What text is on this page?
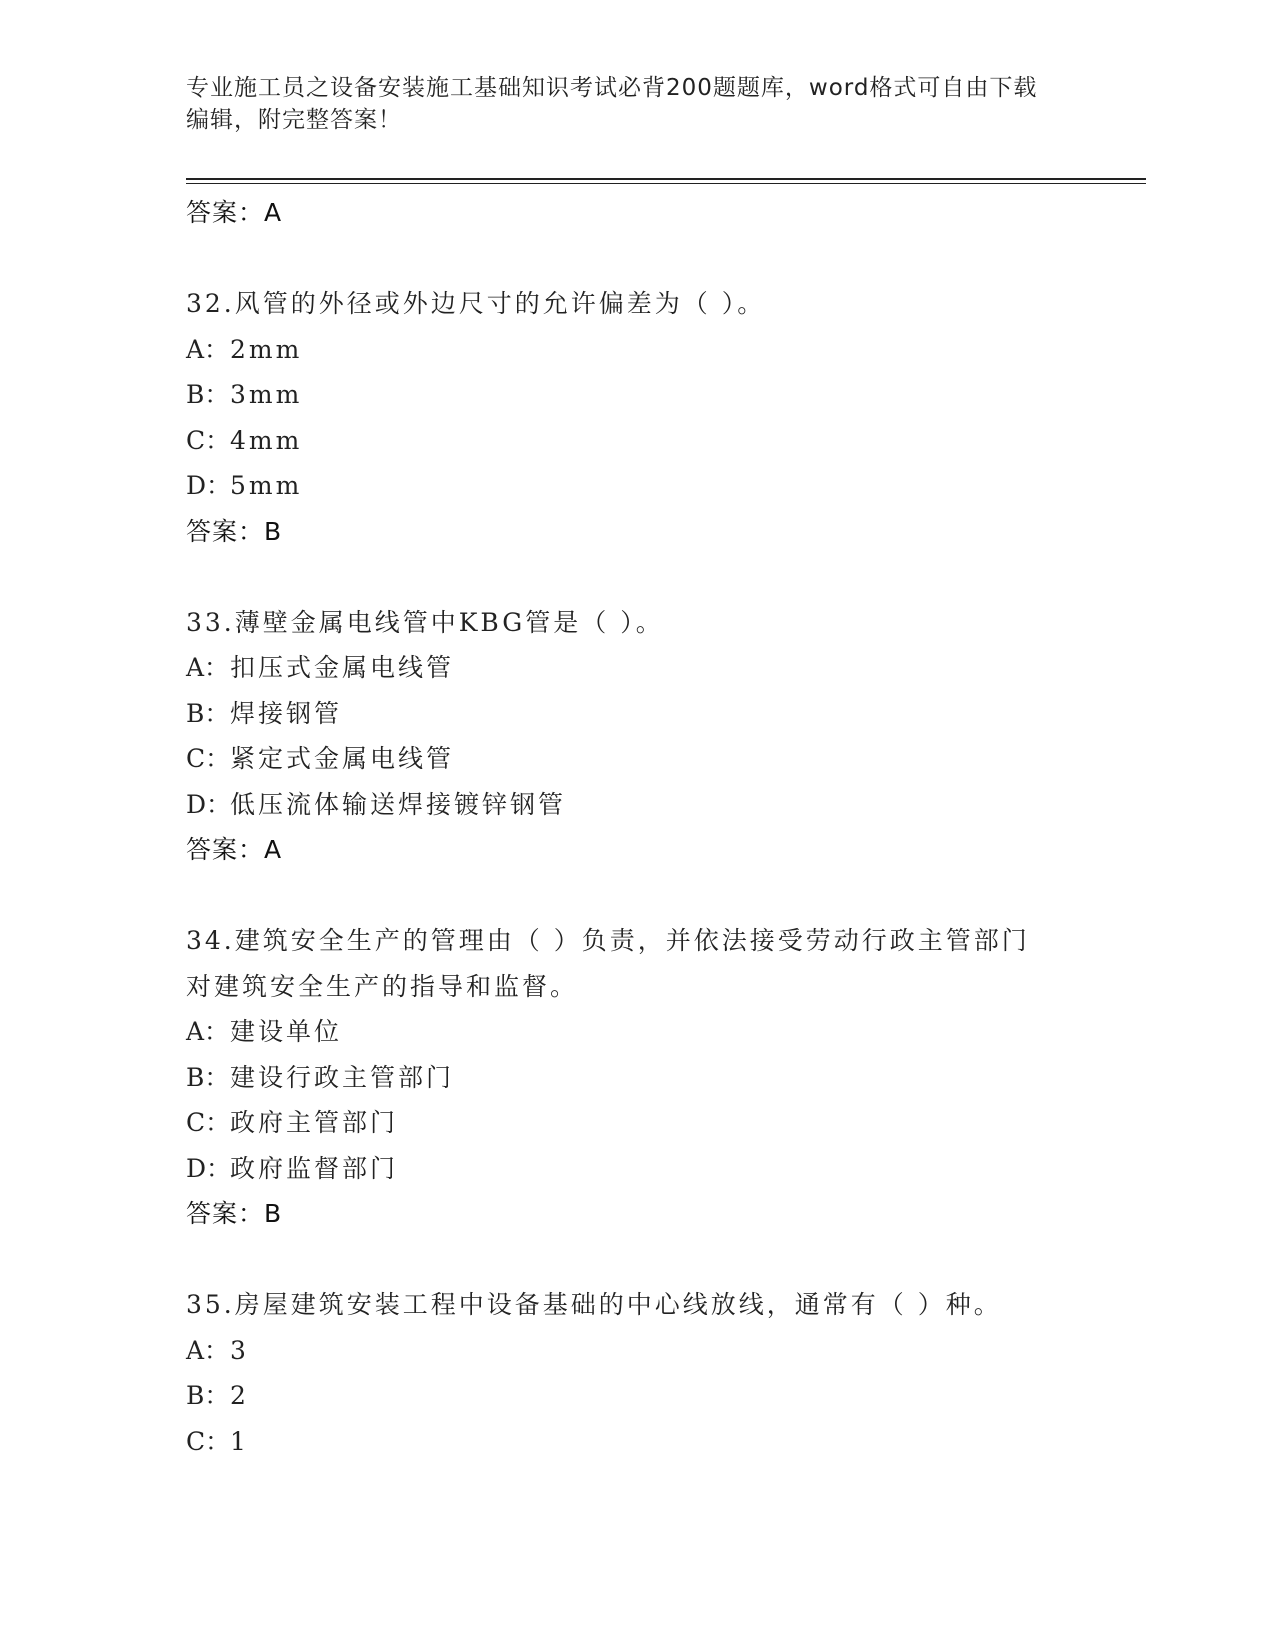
专业施工员之设备安装施工基础知识考试必背200题题库，word格式可自由下载
编辑，附完整答案！
答案：A
32.风管的外径或外边尺寸的允许偏差为（ ）。
A：2mm
B：3mm
C：4mm
D：5mm
答案：B
33.薄壁金属电线管中KBG管是（ ）。
A：扣压式金属电线管
B：焊接钢管
C：紧定式金属电线管
D：低压流体输送焊接镀锌钢管
答案：A
34.建筑安全生产的管理由（ ）负责，并依法接受劳动行政主管部门
对建筑安全生产的指导和监督。
A：建设单位
B：建设行政主管部门
C：政府主管部门
D：政府监督部门
答案：B
35.房屋建筑安装工程中设备基础的中心线放线，通常有（ ）种。
A：3
B：2
C：1
